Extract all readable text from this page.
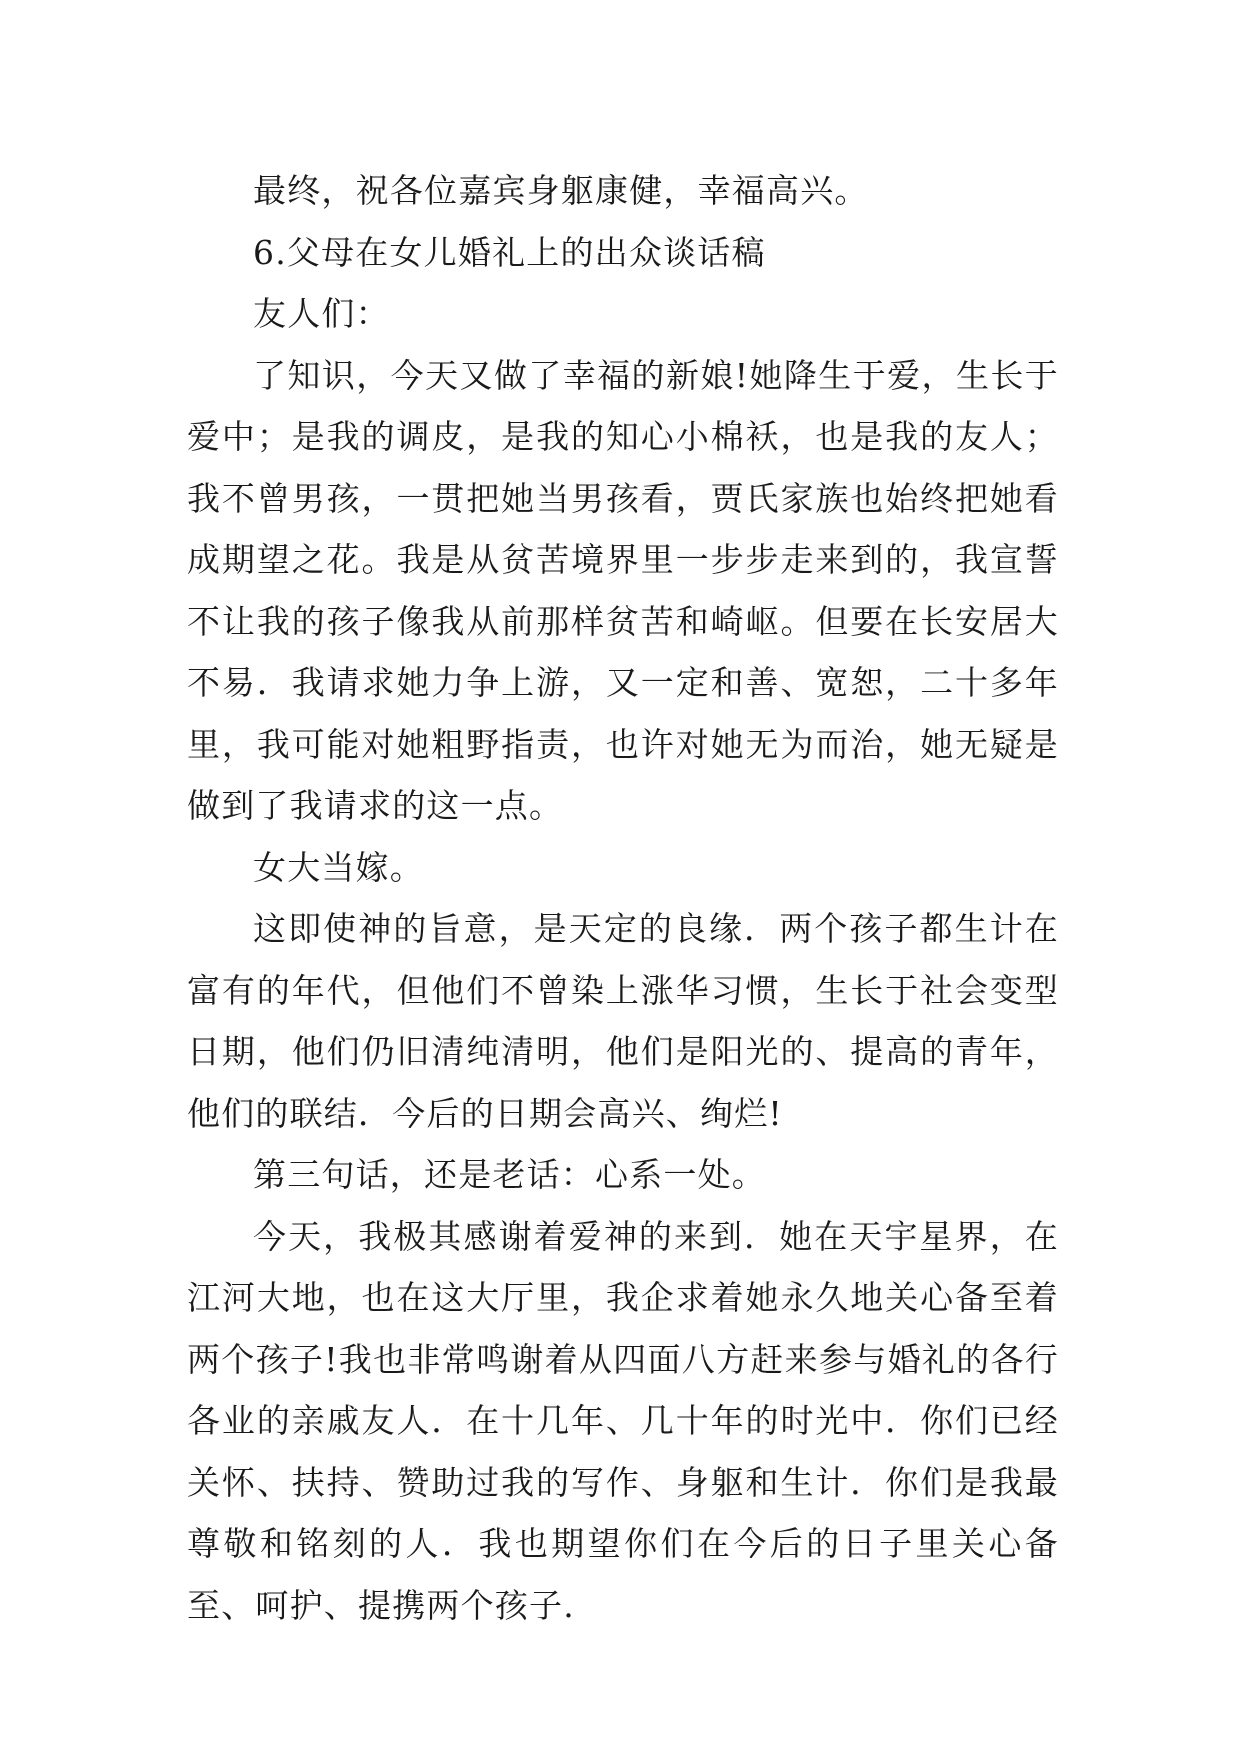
最终，祝各位嘉宾身躯康健，幸福高兴。

6.父母在女儿婚礼上的出众谈话稿

友人们：

了知识，今天又做了幸福的新娘!她降生于爱，生长于爱中；是我的调皮，是我的知心小棉袄，也是我的友人；我不曾男孩，一贯把她当男孩看，贾氏家族也始终把她看成期望之花。我是从贫苦境界里一步步走来到的，我宣誓不让我的孩子像我从前那样贫苦和崎岖。但要在长安居大不易．我请求她力争上游，又一定和善、宽恕，二十多年里，我可能对她粗野指责，也许对她无为而治，她无疑是做到了我请求的这一点。

女大当嫁。

这即使神的旨意，是天定的良缘．两个孩子都生计在富有的年代，但他们不曾染上涨华习惯，生长于社会变型日期，他们仍旧清纯清明，他们是阳光的、提高的青年，他们的联结．今后的日期会高兴、绚烂!

第三句话，还是老话：心系一处。

今天，我极其感谢着爱神的来到．她在天宇星界，在江河大地，也在这大厅里，我企求着她永久地关心备至着两个孩子!我也非常鸣谢着从四面八方赶来参与婚礼的各行各业的亲戚友人．在十几年、几十年的时光中．你们已经关怀、扶持、赞助过我的写作、身躯和生计．你们是我最尊敬和铭刻的人．我也期望你们在今后的日子里关心备至、呵护、提携两个孩子.
